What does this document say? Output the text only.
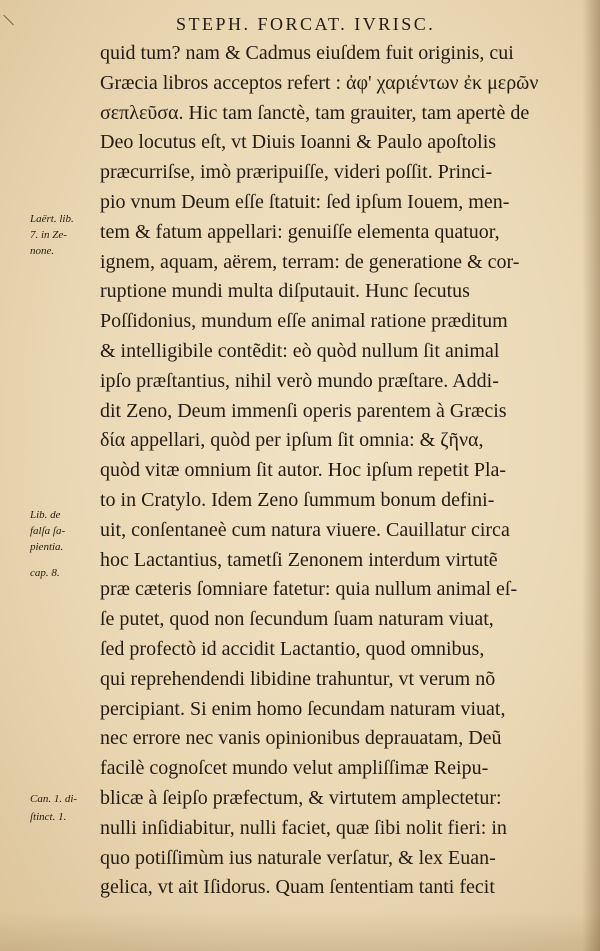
STEPH. FORCAT. IVRISC.
quid tum? nam & Cadmus eiuſdem fuit originis, cui
Græcia libros acceptos refert : ἀφ' χαριέντων ἐκ μερῶν
σεπλεῦσα. Hic tam ſanctè, tam grauiter, tam apertè de
Deo locutus eſt, vt Diuis Ioanni & Paulo apoſtolis
præcurriſse, imò præripuiſſe, videri poſſit. Princi-
pio vnum Deum eſſe ſtatuit: ſed ipſum Iouem, men-
tem & fatum appellari: genuiſſe elementa quatuor,
ignem, aquam, aërem, terram: de generatione & cor-
ruptione mundi multa diſputauit. Hunc ſecutus
Poſſidonius, mundum eſſe animal ratione præditum
& intelligibile contẽdit: eò quòd nullum ſit animal
ipſo præſtantius, nihil verò mundo præſtare. Addi-
dit Zeno, Deum immenſi operis parentem à Græcis
δία appellari, quòd per ipſum ſit omnia: & ζῆνα,
quòd vitæ omnium ſit autor. Hoc ipſum repetit Pla-
to in Cratylo. Idem Zeno ſummum bonum defini-
uit, conſentaneè cum natura viuere. Cauillatur circa
hoc Lactantius, tametſi Zenonem interdum virtutẽ
præ cæteris ſomniare fatetur: quia nullum animal eſ-
ſe putet, quod non ſecundum ſuam naturam viuat,
ſed profectò id accidit Lactantio, quod omnibus,
qui reprehendendi libidine trahuntur, vt verum nõ
percipiant. Si enim homo ſecundam naturam viuat,
nec errore nec vanis opinionibus deprauatam, Deũ
facilè cognoſcet mundo velut ampliſſimæ Reipu-
blicæ à ſeipſo præfectum, & virtutem amplectetur:
nulli inſidiabitur, nulli faciet, quæ ſibi nolit fieri: in
quo potiſſimùm ius naturale verſatur, & lex Euan-
gelica, vt ait Iſidorus. Quam ſententiam tanti fecit
Laërt. lib.
7. in Ze-
none.
Lib. de
falſa ſa-
pientia.
cap. 8.
Can. 1. di-
ſtinct. 1.
